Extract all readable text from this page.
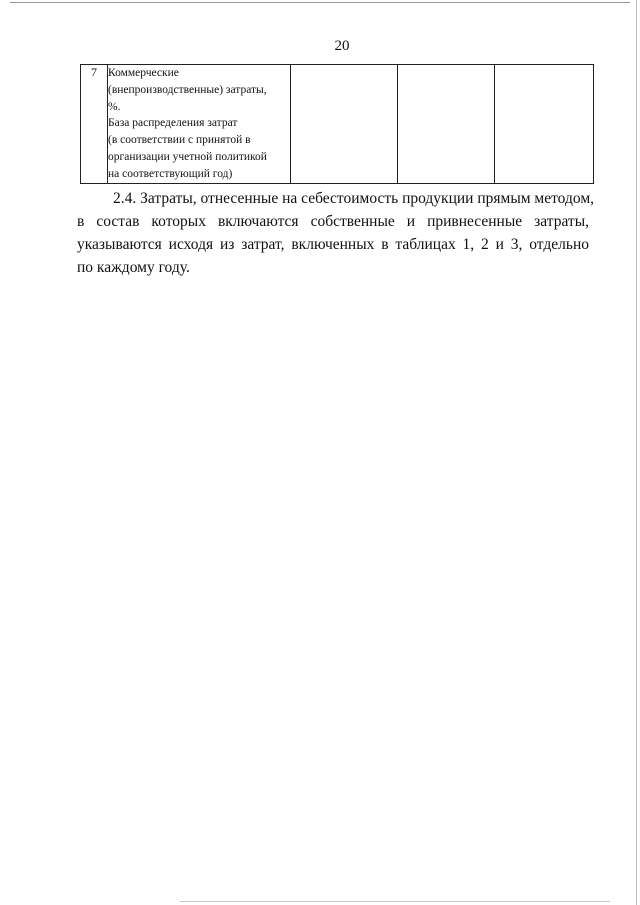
20
7	Коммерческие
(внепроизводственные) затраты,
%.
База распределения затрат
(в соответствии с принятой в
организации учетной политикой
на соответствующий год)

2.4. Затраты, отнесенные на себестоимость продукции прямым методом,
в состав которых включаются собственные и привнесенные затраты,
указываются исходя из затрат, включенных в таблицах 1, 2 и 3, отдельно
по каждому году.
